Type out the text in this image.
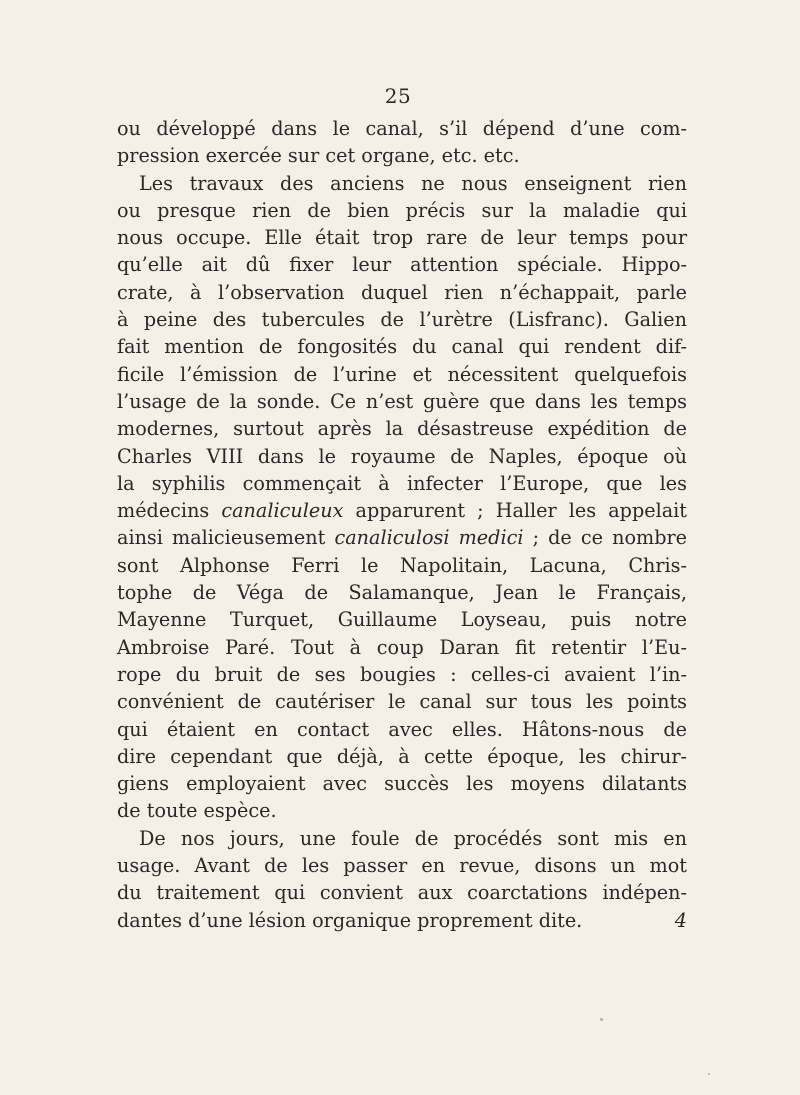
25
ou développé dans le canal, s’il dépend d’une com-
pression exercée sur cet organe, etc. etc.
Les travaux des anciens ne nous enseignent rien
ou presque rien de bien précis sur la maladie qui
nous occupe. Elle était trop rare de leur temps pour
qu’elle ait dû fixer leur attention spéciale. Hippo-
crate, à l’observation duquel rien n’échappait, parle
à peine des tubercules de l’urètre (Lisfranc). Galien
fait mention de fongosités du canal qui rendent dif-
ficile l’émission de l’urine et nécessitent quelquefois
l’usage de la sonde. Ce n’est guère que dans les temps
modernes, surtout après la désastreuse expédition de
Charles VIII dans le royaume de Naples, époque où
la syphilis commençait à infecter l’Europe, que les
médecins canaliculeux apparurent ; Haller les appelait
ainsi malicieusement canaliculosi medici ; de ce nombre
sont Alphonse Ferri le Napolitain, Lacuna, Chris-
tophe de Véga de Salamanque, Jean le Français,
Mayenne Turquet, Guillaume Loyseau, puis notre
Ambroise Paré. Tout à coup Daran fit retentir l’Eu-
rope du bruit de ses bougies : celles-ci avaient l’in-
convénient de cautériser le canal sur tous les points
qui étaient en contact avec elles. Hâtons-nous de
dire cependant que déjà, à cette époque, les chirur-
giens employaient avec succès les moyens dilatants
de toute espèce.
De nos jours, une foule de procédés sont mis en
usage. Avant de les passer en revue, disons un mot
du traitement qui convient aux coarctations indépen-
dantes d’une lésion organique proprement dite.	4
